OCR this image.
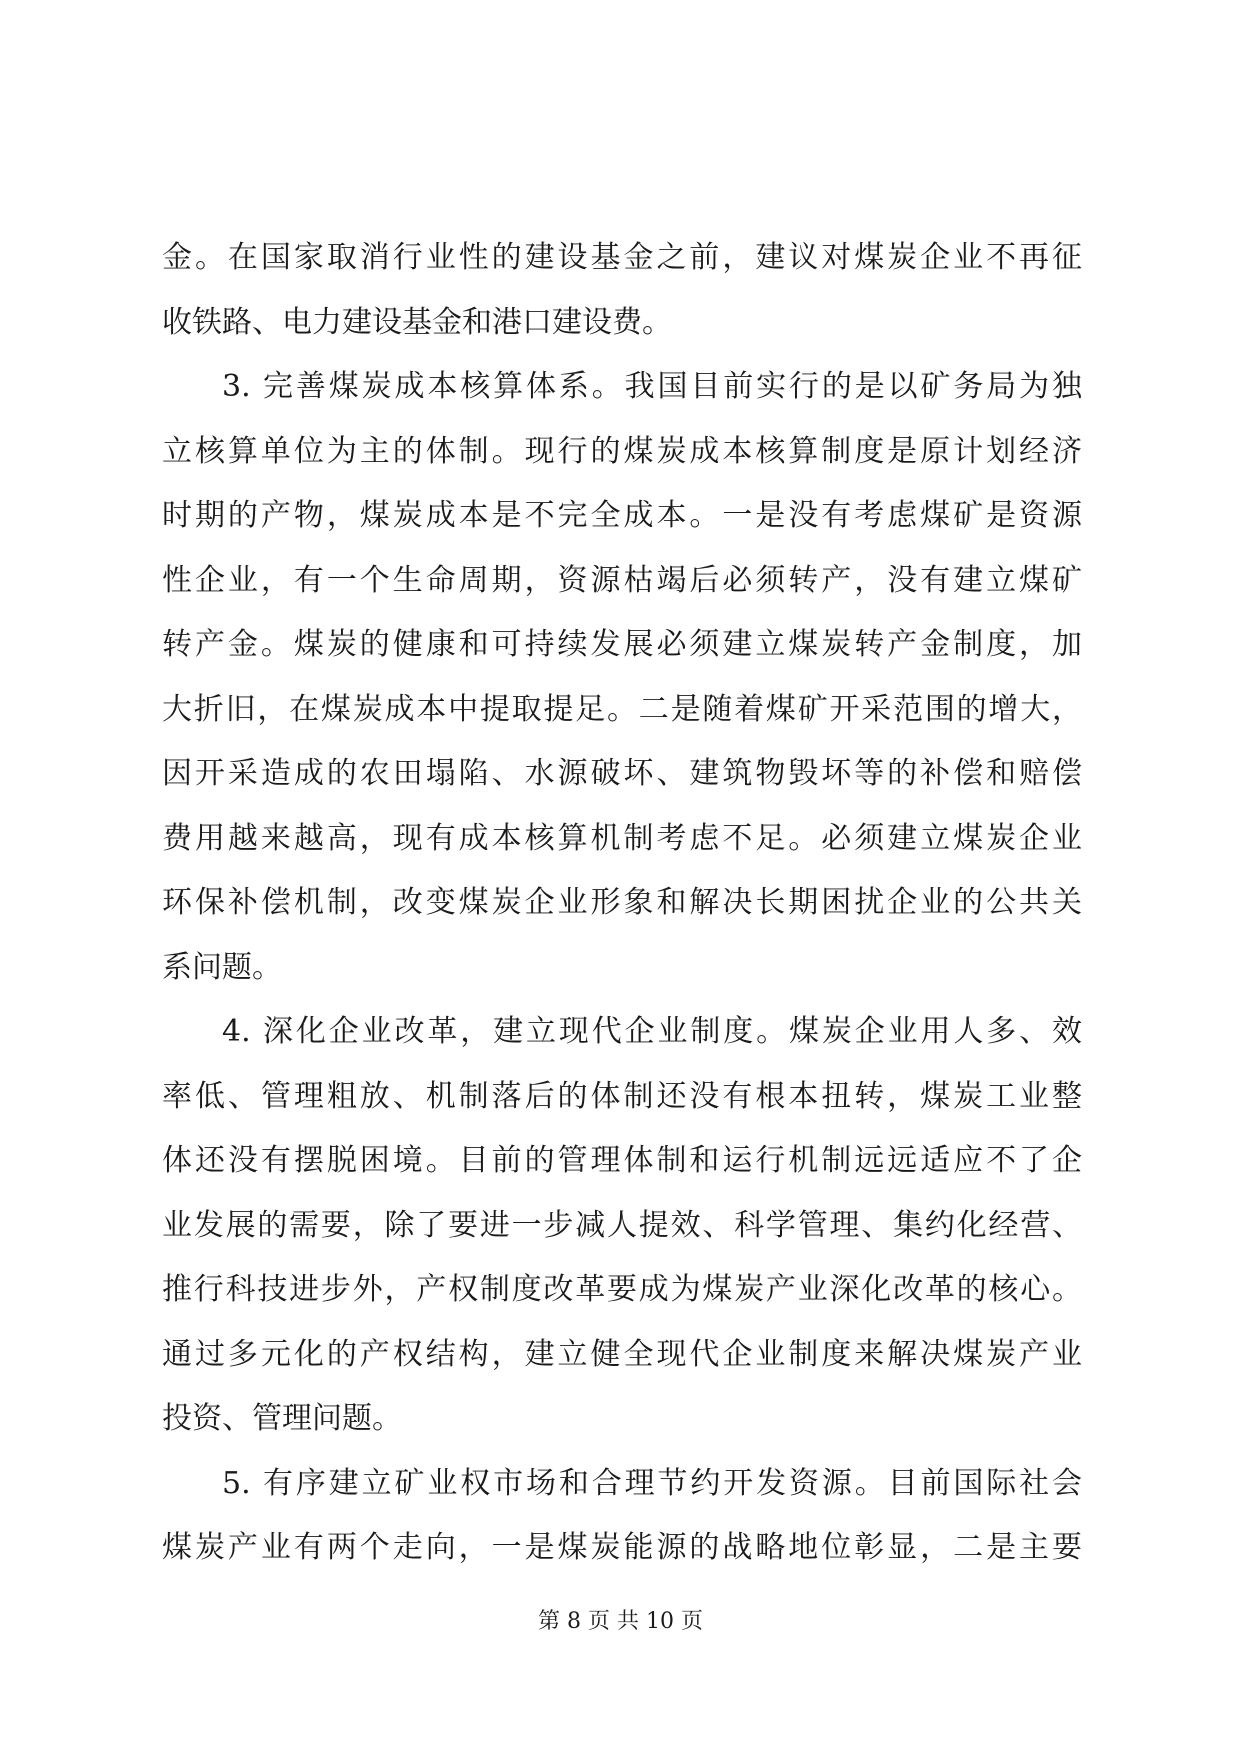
金。在国家取消行业性的建设基金之前，建议对煤炭企业不再征
收铁路、电力建设基金和港口建设费。
3. 完善煤炭成本核算体系。我国目前实行的是以矿务局为独
立核算单位为主的体制。现行的煤炭成本核算制度是原计划经济
时期的产物，煤炭成本是不完全成本。一是没有考虑煤矿是资源
性企业，有一个生命周期，资源枯竭后必须转产，没有建立煤矿
转产金。煤炭的健康和可持续发展必须建立煤炭转产金制度，加
大折旧，在煤炭成本中提取提足。二是随着煤矿开采范围的增大，
因开采造成的农田塌陷、水源破坏、建筑物毁坏等的补偿和赔偿
费用越来越高，现有成本核算机制考虑不足。必须建立煤炭企业
环保补偿机制，改变煤炭企业形象和解决长期困扰企业的公共关
系问题。
4. 深化企业改革，建立现代企业制度。煤炭企业用人多、效
率低、管理粗放、机制落后的体制还没有根本扭转，煤炭工业整
体还没有摆脱困境。目前的管理体制和运行机制远远适应不了企
业发展的需要，除了要进一步减人提效、科学管理、集约化经营、
推行科技进步外，产权制度改革要成为煤炭产业深化改革的核心。
通过多元化的产权结构，建立健全现代企业制度来解决煤炭产业
投资、管理问题。
5. 有序建立矿业权市场和合理节约开发资源。目前国际社会
煤炭产业有两个走向，一是煤炭能源的战略地位彰显，二是主要
第 8 页 共 10 页
